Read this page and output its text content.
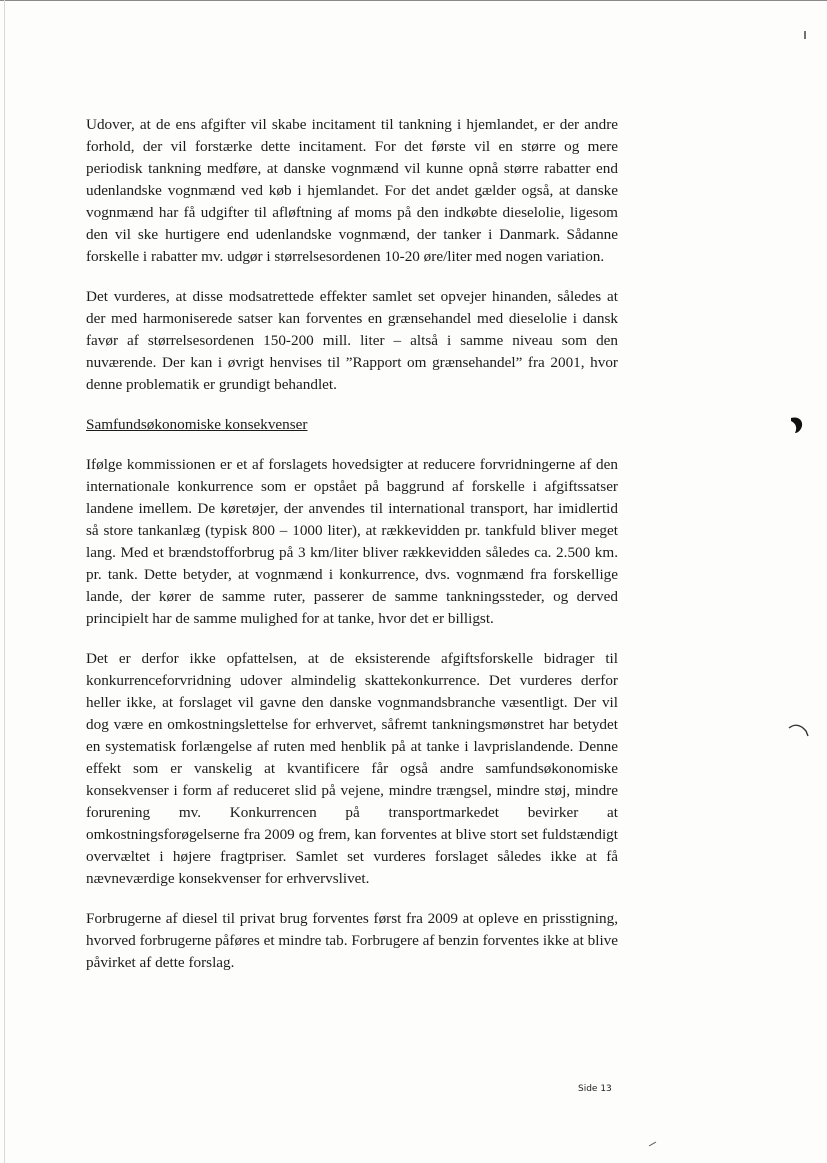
Udover, at de ens afgifter vil skabe incitament til tankning i hjemlandet, er der andre forhold, der vil forstærke dette incitament. For det første vil en større og mere periodisk tankning medføre, at danske vognmænd vil kunne opnå større rabatter end udenlandske vognmænd ved køb i hjemlandet. For det andet gælder også, at danske vognmænd har få udgifter til afløftning af moms på den indkøbte dieselolie, ligesom den vil ske hurtigere end udenlandske vognmænd, der tanker i Danmark. Sådanne forskelle i rabatter mv. udgør i størrelsesordenen 10-20 øre/liter med nogen variation.

Det vurderes, at disse modsatrettede effekter samlet set opvejer hinanden, således at der med harmoniserede satser kan forventes en grænsehandel med dieselolie i dansk favør af størrelsesordenen 150-200 mill. liter – altså i samme niveau som den nuværende. Der kan i øvrigt henvises til ”Rapport om grænsehandel” fra 2001, hvor denne problematik er grundigt behandlet.

Samfundsøkonomiske konsekvenser

Ifølge kommissionen er et af forslagets hovedsigter at reducere forvridningerne af den internationale konkurrence som er opstået på baggrund af forskelle i afgiftssatser landene imellem. De køretøjer, der anvendes til international transport, har imidlertid så store tankanlæg (typisk 800 – 1000 liter), at rækkevidden pr. tankfuld bliver meget lang. Med et brændstofforbrug på 3 km/liter bliver rækkevidden således ca. 2.500 km. pr. tank. Dette betyder, at vognmænd i konkurrence, dvs. vognmænd fra forskellige lande, der kører de samme ruter, passerer de samme tankningssteder, og derved principielt har de samme mulighed for at tanke, hvor det er billigst.

Det er derfor ikke opfattelsen, at de eksisterende afgiftsforskelle bidrager til konkurrenceforvridning udover almindelig skattekonkurrence. Det vurderes derfor heller ikke, at forslaget vil gavne den danske vognmandsbranche væsentligt. Der vil dog være en omkostningslettelse for erhvervet, såfremt tankningsmønstret har betydet en systematisk forlængelse af ruten med henblik på at tanke i lavprislandende. Denne effekt som er vanskelig at kvantificere får også andre samfundsøkonomiske konsekvenser i form af reduceret slid på vejene, mindre trængsel, mindre støj, mindre forurening mv. Konkurrencen på transportmarkedet bevirker at omkostningsforøgelserne fra 2009 og frem, kan forventes at blive stort set fuldstændigt overvæltet i højere fragtpriser. Samlet set vurderes forslaget således ikke at få nævneværdige konsekvenser for erhvervslivet.

Forbrugerne af diesel til privat brug forventes først fra 2009 at opleve en prisstigning, hvorved forbrugerne påføres et mindre tab. Forbrugere af benzin forventes ikke at blive påvirket af dette forslag.

Side 13
